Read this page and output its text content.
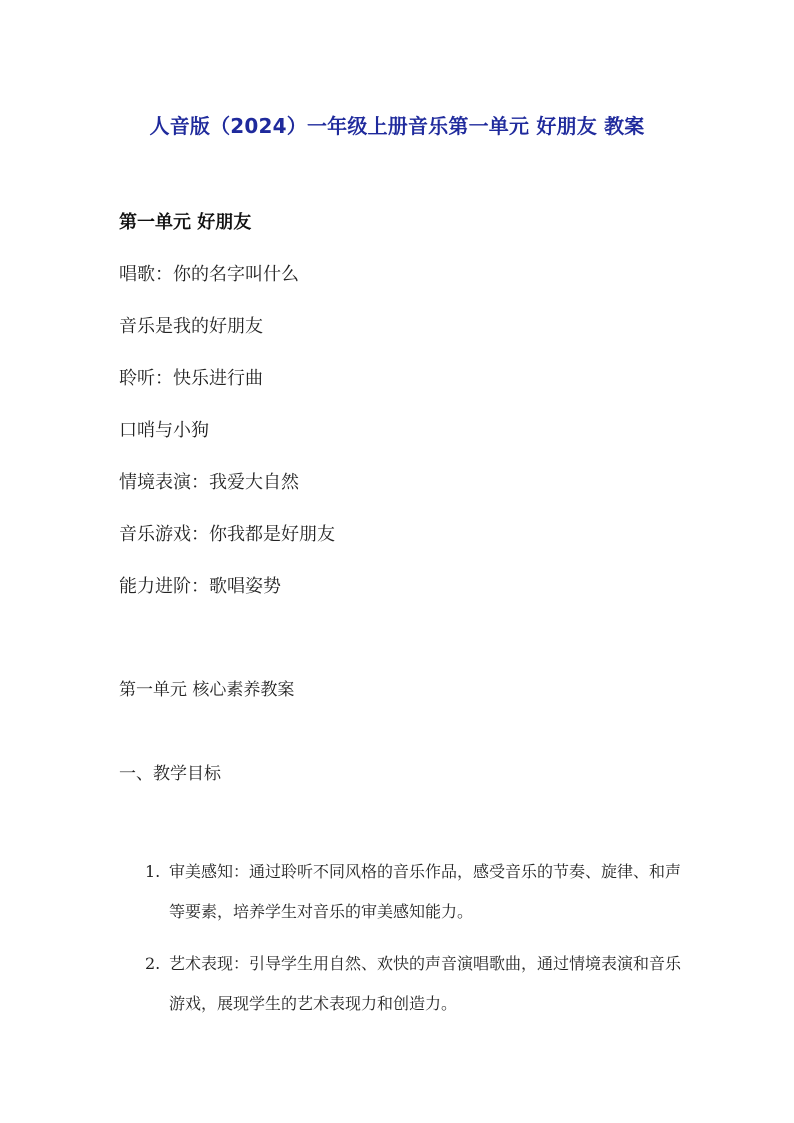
人音版（2024）一年级上册音乐第一单元 好朋友 教案
第一单元 好朋友
唱歌：你的名字叫什么
音乐是我的好朋友
聆听：快乐进行曲
口哨与小狗
情境表演：我爱大自然
音乐游戏：你我都是好朋友
能力进阶：歌唱姿势
第一单元 核心素养教案
一、教学目标
1. 审美感知：通过聆听不同风格的音乐作品，感受音乐的节奏、旋律、和声等要素，培养学生对音乐的审美感知能力。
2. 艺术表现：引导学生用自然、欢快的声音演唱歌曲，通过情境表演和音乐游戏，展现学生的艺术表现力和创造力。
